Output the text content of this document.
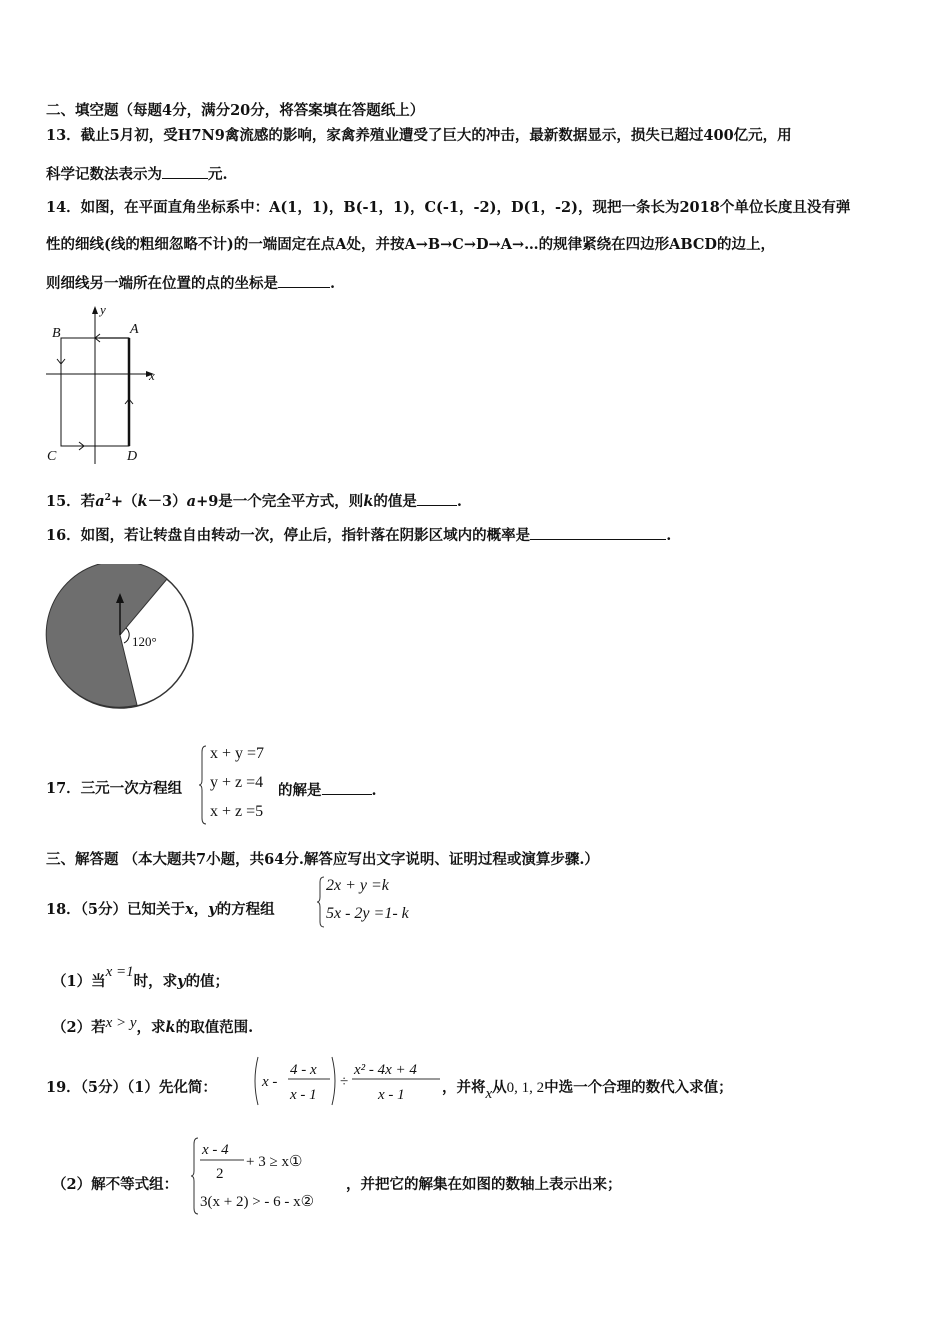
二、填空题（每题4分，满分20分，将答案填在答题纸上）
13．截止5月初，受H7N9禽流感的影响，家禽养殖业遭受了巨大的冲击，最新数据显示，损失已超过400亿元，用
科学记数法表示为	元.
14．如图，在平面直角坐标系中：A(1，1)，B(-1，1)，C(-1，-2)，D(1，-2)，现把一条长为2018个单位长度且没有弹
性的细线(线的粗细忽略不计)的一端固定在点A处，并按A→B→C→D→A→…的规律紧绕在四边形ABCD的边上，
则细线另一端所在位置的点的坐标是	.
B	A
C	D
x
y
15．若$a^2+(k-3)a+9$是一个完全平方式，则k的值是	.
16．如图，若让转盘自由转动一次，停止后，指针落在阴影区域内的概率是	.
120°
17．三元一次方程组
x + y =7
y + z =4
x + z =5
的解是	.
三、解答题 （本大题共7小题，共64分.解答应写出文字说明、证明过程或演算步骤.）
18．（5分）已知关于x，y的方程组
2x + y =k
5x - 2y =1- k
（1）当x =1时，求y的值；
（2）若x > y，求k的取值范围.
19．（5分）（1）先化简：	x -
4 - x
x - 1
÷
x² - 4x + 4
x - 1	，并将x从0, 1, 2中选一个合理的数代入求值；
（2）解不等式组：
x - 4
2
+ 3 ≥ x①
3(x + 2) > - 6 - x②
，并把它的解集在如图的数轴上表示出来；
